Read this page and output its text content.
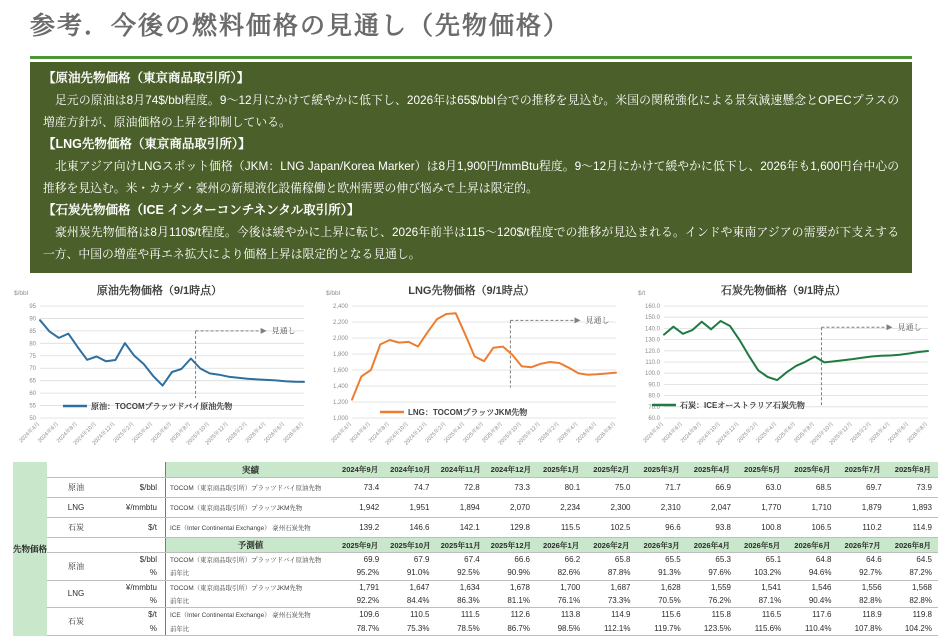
参考．今後の燃料価格の見通し（先物価格）
【原油先物価格（東京商品取引所）】
足元の原油は8月74$/bbl程度。9～12月にかけて緩やかに低下し、2026年は65$/bbl台での推移を見込む。米国の関税強化による景気減速懸念とOPECプラスの増産方針が、原油価格の上昇を抑制している。
【LNG先物価格（東京商品取引所）】
北東アジア向けLNGスポット価格（JKM：LNG Japan/Korea Marker）は8月1,900円/mmBtu程度。9～12月にかけて緩やかに低下し、2026年も1,600円台中心の推移を見込む。米・カナダ・豪州の新規液化設備稼働と欧州需要の伸び悩みで上昇は限定的。
【石炭先物価格（ICE インターコンチネンタル取引所）】
豪州炭先物価格は8月110$/t程度。今後は緩やかに上昇に転じ、2026年前半は115～120$/t程度での推移が見込まれる。インドや東南アジアの需要が下支えする一方、中国の増産や再エネ拡大により価格上昇は限定的となる見通し。
原油先物価格（9/1時点）
$/bbl
50
55
60
65
70
75
80
85
90
95
2024年4月
2024年6月
2024年8月
2024年10月
2024年12月
2025年2月
2025年4月
2025年6月
2025年8月
2025年10月
2025年12月
2026年2月
2026年4月
2026年6月
2026年8月
見通し
原油：TOCOMプラッツドバイ原油先物
LNG先物価格（9/1時点）
$/bbl
1,000
1,200
1,400
1,600
1,800
2,000
2,200
2,400
2024年4月
2024年6月
2024年8月
2024年10月
2024年12月
2025年2月
2025年4月
2025年6月
2025年8月
2025年10月
2025年12月
2026年2月
2026年4月
2026年6月
2026年8月
見通し
LNG：TOCOMプラッツJKM先物
石炭先物価格（9/1時点）
$/t
60.0
70.0
80.0
90.0
100.0
110.0
120.0
130.0
140.0
150.0
160.0
2024年4月
2024年6月
2024年8月
2024年10月
2024年12月
2025年2月
2025年4月
2025年6月
2025年8月
2025年10月
2025年12月
2026年2月
2026年4月
2026年6月
2026年8月
見通し
石炭：ICEオーストラリア石炭先物
先物価格
実績	2024年9月	2024年10月	2024年11月	2024年12月	2025年1月	2025年2月	2025年3月	2025年4月	2025年5月	2025年6月	2025年7月	2025年8月
原油	$/bbl	TOCOM（東京商品取引所）プラッツドバイ原油先物	73.4	74.7	72.8	73.3	80.1	75.0	71.7	66.9	63.0	68.5	69.7	73.9
LNG	¥/mmbtu	TOCOM（東京商品取引所）プラッツJKM先物	1,942	1,951	1,894	2,070	2,234	2,300	2,310	2,047	1,770	1,710	1,879	1,893
石炭	$/t	ICE（Inter Continental Exchange） 豪州石炭先物	139.2	146.6	142.1	129.8	115.5	102.5	96.6	93.8	100.8	106.5	110.2	114.9
予測値	2025年9月	2025年10月	2025年11月	2025年12月	2026年1月	2026年2月	2026年3月	2026年4月	2026年5月	2026年6月	2026年7月	2026年8月
原油
$/bbl	TOCOM（東京商品取引所）プラッツドバイ原油先物	69.9	67.9	67.4	66.6	66.2	65.8	65.5	65.3	65.1	64.8	64.6	64.5
%	前年比	95.2%	91.0%	92.5%	90.9%	82.6%	87.8%	91.3%	97.6%	103.2%	94.6%	92.7%	87.2%
LNG
¥/mmbtu	TOCOM（東京商品取引所）プラッツJKM先物	1,791	1,647	1,634	1,678	1,700	1,687	1,628	1,559	1,541	1,546	1,556	1,568
%	前年比	92.2%	84.4%	86.3%	81.1%	76.1%	73.3%	70.5%	76.2%	87.1%	90.4%	82.8%	82.8%
石炭
$/t	ICE（Inter Continental Exchange） 豪州石炭先物	109.6	110.5	111.5	112.6	113.8	114.9	115.6	115.8	116.5	117.6	118.9	119.8
%	前年比	78.7%	75.3%	78.5%	86.7%	98.5%	112.1%	119.7%	123.5%	115.6%	110.4%	107.8%	104.2%
